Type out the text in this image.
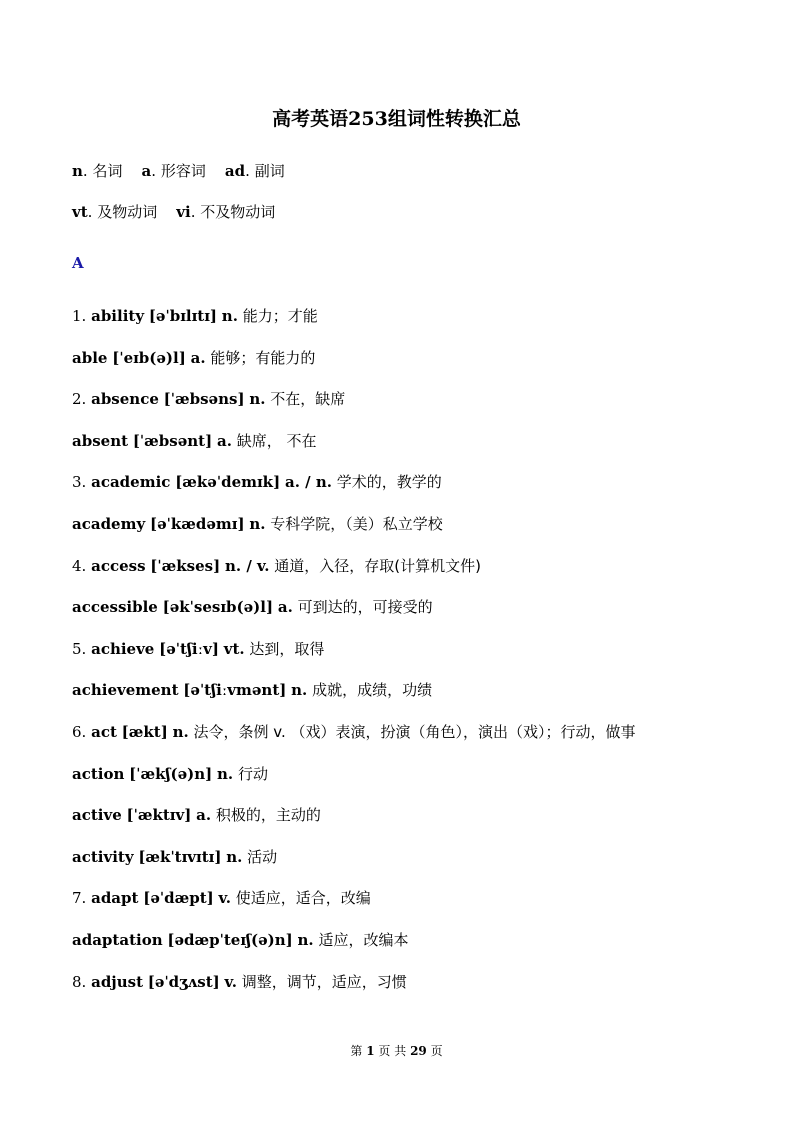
高考英语253组词性转换汇总
n. 名词 a. 形容词 ad. 副词
vt. 及物动词 vi. 不及物动词
A
1. ability [əˈbɪlɪtɪ] n. 能力；才能
able [ˈeɪb(ə)l] a. 能够；有能力的
2. absence [ˈæbsəns] n. 不在，缺席
absent [ˈæbsənt] a. 缺席， 不在
3. academic [ækəˈdemɪk] a. / n. 学术的，教学的
academy [əˈkædəmɪ] n. 专科学院，（美）私立学校
4. access [ˈækses] n. / v. 通道，入径，存取(计算机文件)
accessible [əkˈsesɪb(ə)l] a. 可到达的，可接受的
5. achieve [əˈtʃiːv] vt. 达到，取得
achievement [əˈtʃiːvmənt] n. 成就，成绩，功绩
6. act [ækt] n. 法令，条例 v. （戏）表演，扮演（角色），演出（戏）；行动，做事
action [ˈækʃ(ə)n] n. 行动
active [ˈæktɪv] a. 积极的，主动的
activity [ækˈtɪvɪtɪ] n. 活动
7. adapt [əˈdæpt] v. 使适应，适合，改编
adaptation [ədæpˈteɪʃ(ə)n] n. 适应，改编本
8. adjust [əˈdʒʌst] v. 调整，调节，适应，习惯
第 1 页 共 29 页
